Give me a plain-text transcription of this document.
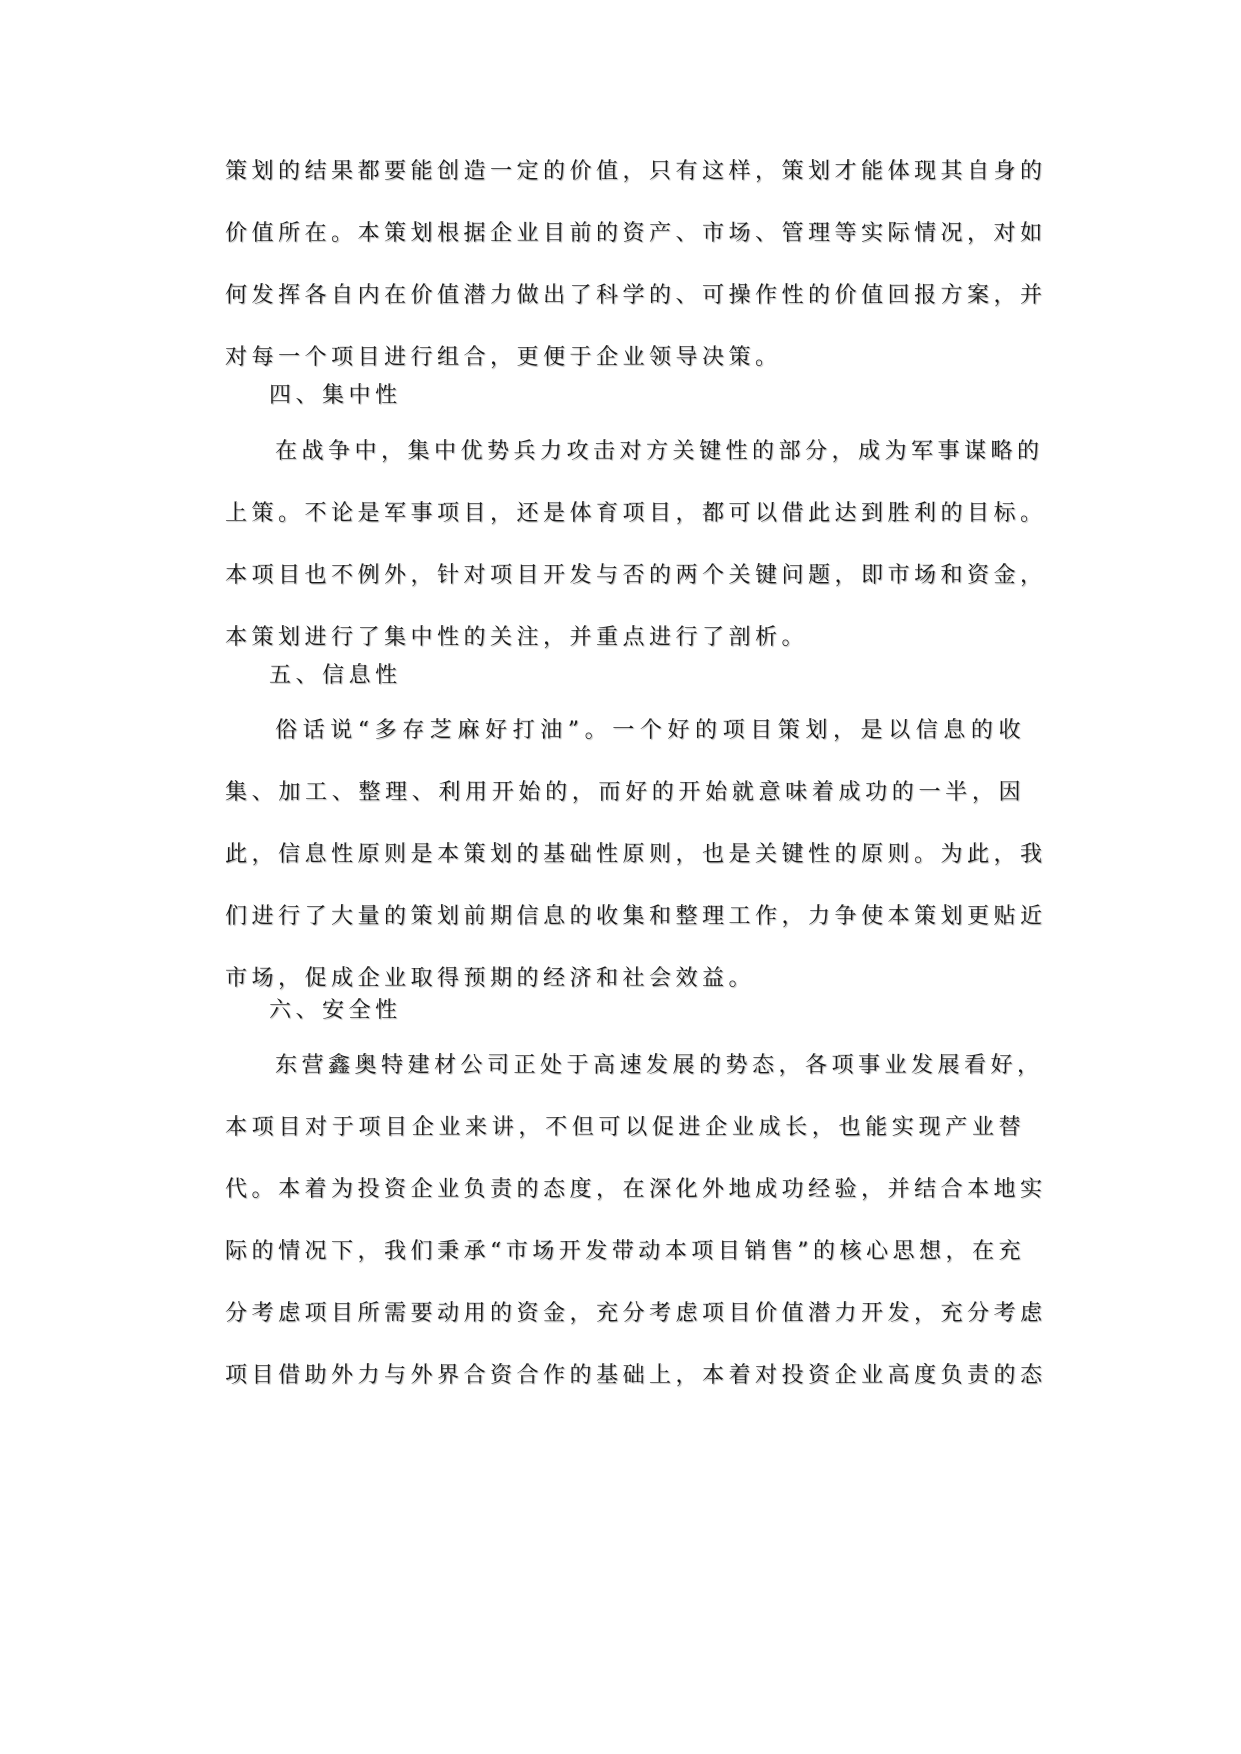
策划的结果都要能创造一定的价值，只有这样，策划才能体现其自身的
价值所在。本策划根据企业目前的资产、市场、管理等实际情况，对如
何发挥各自内在价值潜力做出了科学的、可操作性的价值回报方案，并
对每一个项目进行组合，更便于企业领导决策。
四、集中性
在战争中，集中优势兵力攻击对方关键性的部分，成为军事谋略的
上策。不论是军事项目，还是体育项目，都可以借此达到胜利的目标。
本项目也不例外，针对项目开发与否的两个关键问题，即市场和资金，
本策划进行了集中性的关注，并重点进行了剖析。
五、信息性
俗话说“多存芝麻好打油”。一个好的项目策划，是以信息的收
集、加工、整理、利用开始的，而好的开始就意味着成功的一半，因
此，信息性原则是本策划的基础性原则，也是关键性的原则。为此，我
们进行了大量的策划前期信息的收集和整理工作，力争使本策划更贴近
市场，促成企业取得预期的经济和社会效益。
六、安全性
东营鑫奥特建材公司正处于高速发展的势态，各项事业发展看好，
本项目对于项目企业来讲，不但可以促进企业成长，也能实现产业替
代。本着为投资企业负责的态度，在深化外地成功经验，并结合本地实
际的情况下，我们秉承“市场开发带动本项目销售”的核心思想，在充
分考虑项目所需要动用的资金，充分考虑项目价值潜力开发，充分考虑
项目借助外力与外界合资合作的基础上，本着对投资企业高度负责的态
